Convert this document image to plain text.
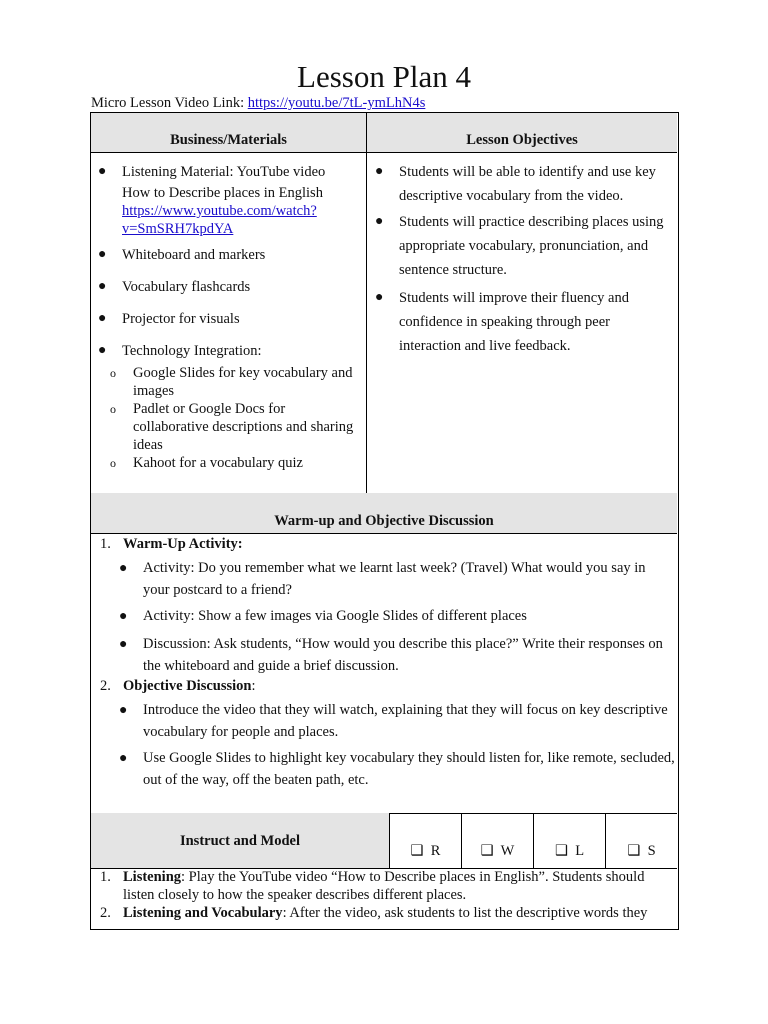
Lesson Plan 4
Micro Lesson Video Link: https://youtu.be/7tL-ymLhN4s
Business/Materials
● Listening Material: YouTube video
How to Describe places in English
https://www.youtube.com/watch?
v=SmSRH7kpdYA
● Whiteboard and markers
● Vocabulary flashcards
● Projector for visuals
● Technology Integration:
o Google Slides for key vocabulary and images
o Padlet or Google Docs for collaborative descriptions and sharing ideas
o Kahoot for a vocabulary quiz
Lesson Objectives
● Students will be able to identify and use key descriptive vocabulary from the video.
● Students will practice describing places using appropriate vocabulary, pronunciation, and sentence structure.
● Students will improve their fluency and confidence in speaking through peer interaction and live feedback.
Warm-up and Objective Discussion
1. Warm-Up Activity:
● Activity: Do you remember what we learnt last week? (Travel) What would you say in your postcard to a friend?
● Activity: Show a few images via Google Slides of different places
● Discussion: Ask students, “How would you describe this place?” Write their responses on the whiteboard and guide a brief discussion.
2. Objective Discussion:
● Introduce the video that they will watch, explaining that they will focus on key descriptive vocabulary for people and places.
● Use Google Slides to highlight key vocabulary they should listen for, like remote, secluded, out of the way, off the beaten path, etc.
Instruct and Model
❑ R	❑ W	❑ L	❑ S
1. Listening: Play the YouTube video “How to Describe places in English”. Students should listen closely to how the speaker describes different places.
2. Listening and Vocabulary: After the video, ask students to list the descriptive words they
